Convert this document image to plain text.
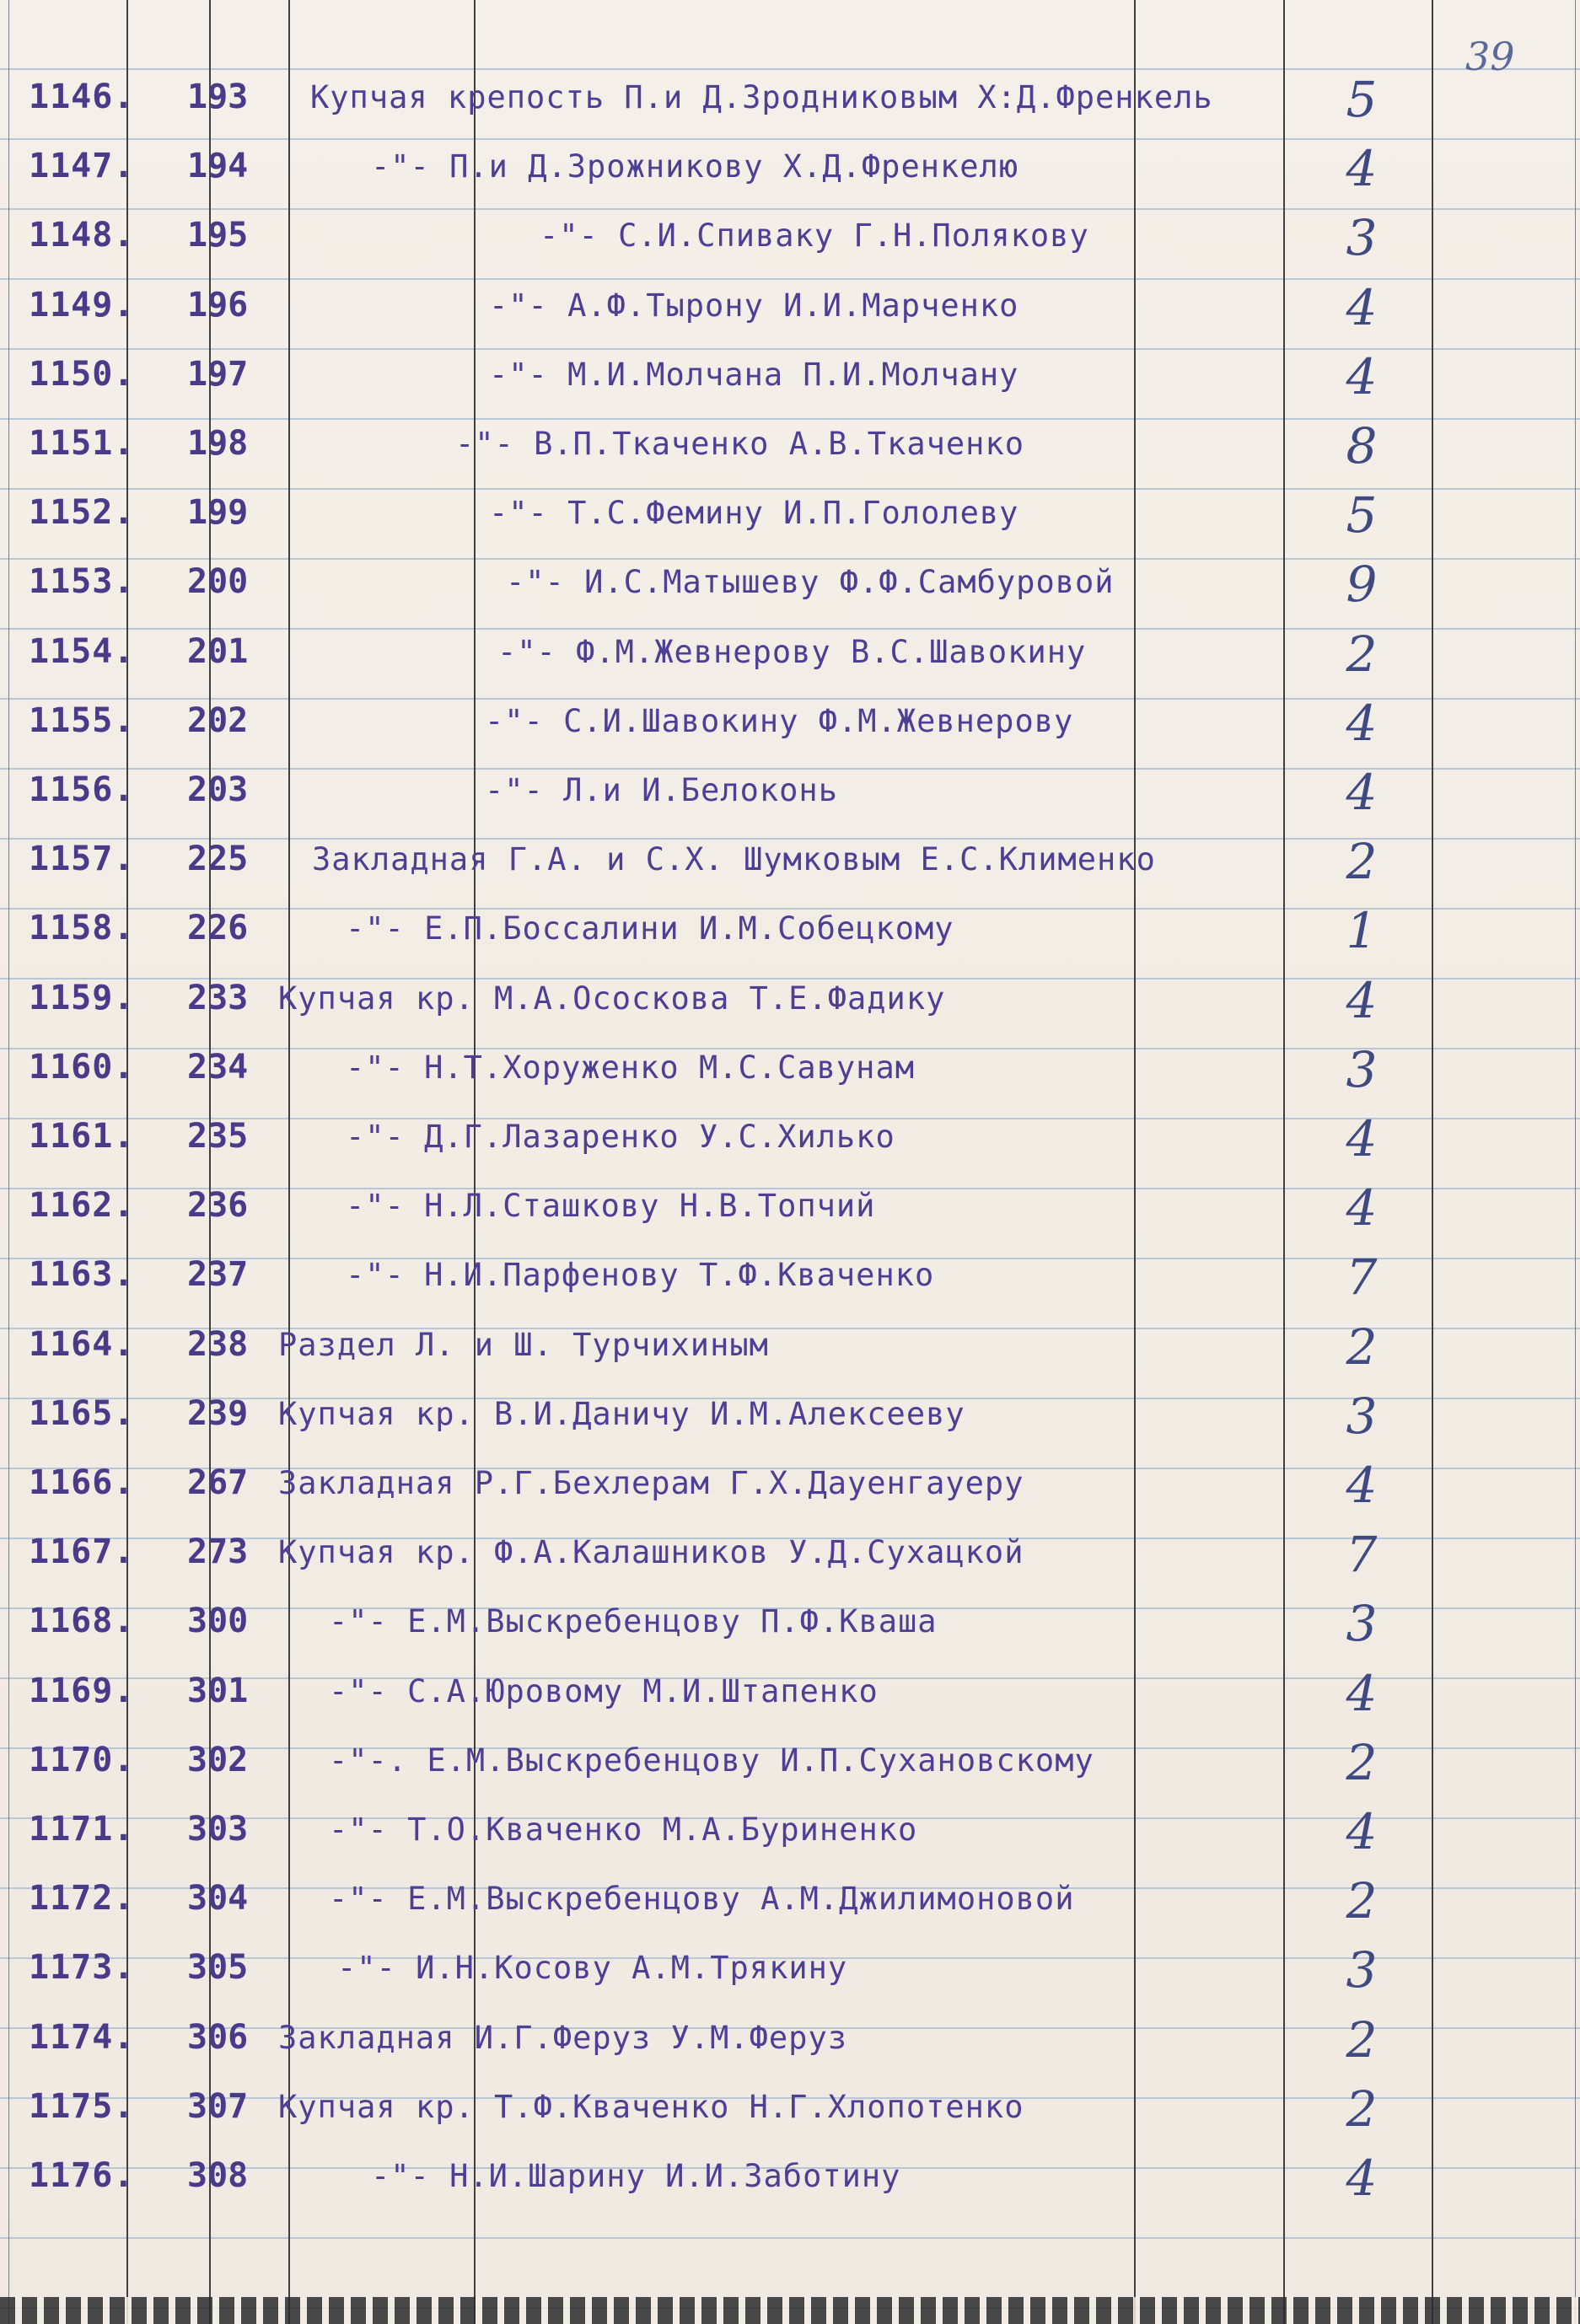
39
1146.	193	Купчая крепость П.и Д.Зродниковым Х:Д.Френкель	5
1147.	194	-"- П.и Д.Зрожникову Х.Д.Френкелю	4
1148.	195	-"- С.И.Спиваку Г.Н.Полякову	3
1149.	196	-"- А.Ф.Тырону И.И.Марченко	4
1150.	197	-"- М.И.Молчана П.И.Молчану	4
1151.	198	-"- В.П.Ткаченко А.В.Ткаченко	8
1152.	199	-"- Т.С.Фемину И.П.Гололеву	5
1153.	200	-"- И.С.Матышеву Ф.Ф.Самбуровой	9
1154.	201	-"- Ф.М.Жевнерову В.С.Шавокину	2
1155.	202	-"- С.И.Шавокину Ф.М.Жевнерову	4
1156.	203	-"- Л.и И.Белоконь	4
1157.	225	Закладная Г.А. и С.Х. Шумковым Е.С.Клименко	2
1158.	226	-"- Е.П.Боссалини И.М.Собецкому	1
1159.	233 Купчая кр. М.А.Ососкова Т.Е.Фадику	4
1160.	234	-"- Н.Т.Хоруженко М.С.Савунам	3
1161.	235	-"- Д.Г.Лазаренко У.С.Хилько	4
1162.	236	-"- Н.Л.Сташкову Н.В.Топчий	4
1163.	237	-"- Н.И.Парфенову Т.Ф.Кваченко	7
1164.	238 Раздел Л. и Ш. Турчихиным	2
1165.	239 Купчая кр. В.И.Даничу И.М.Алексееву	3
1166.	267 Закладная Р.Г.Бехлерам Г.Х.Дауенгауеру	4
1167.	273 Купчая кр. Ф.А.Калашников У.Д.Сухацкой	7
1168.	300	-"- Е.М.Выскребенцову П.Ф.Кваша	3
1169.	301	-"- С.А.Юровому М.И.Штапенко	4
1170.	302	-"-. Е.М.Выскребенцову И.П.Сухановскому	2
1171.	303	-"- Т.О.Кваченко М.А.Буриненко	4
1172.	304	-"- Е.М.Выскребенцову А.М.Джилимоновой	2
1173.	305	-"- И.Н.Косову А.М.Трякину	3
1174.	306 Закладная И.Г.Феруз У.М.Феруз	2
1175.	307 Купчая кр. Т.Ф.Кваченко Н.Г.Хлопотенко	2
1176.	308	-"- Н.И.Шарину И.И.Заботину	4
